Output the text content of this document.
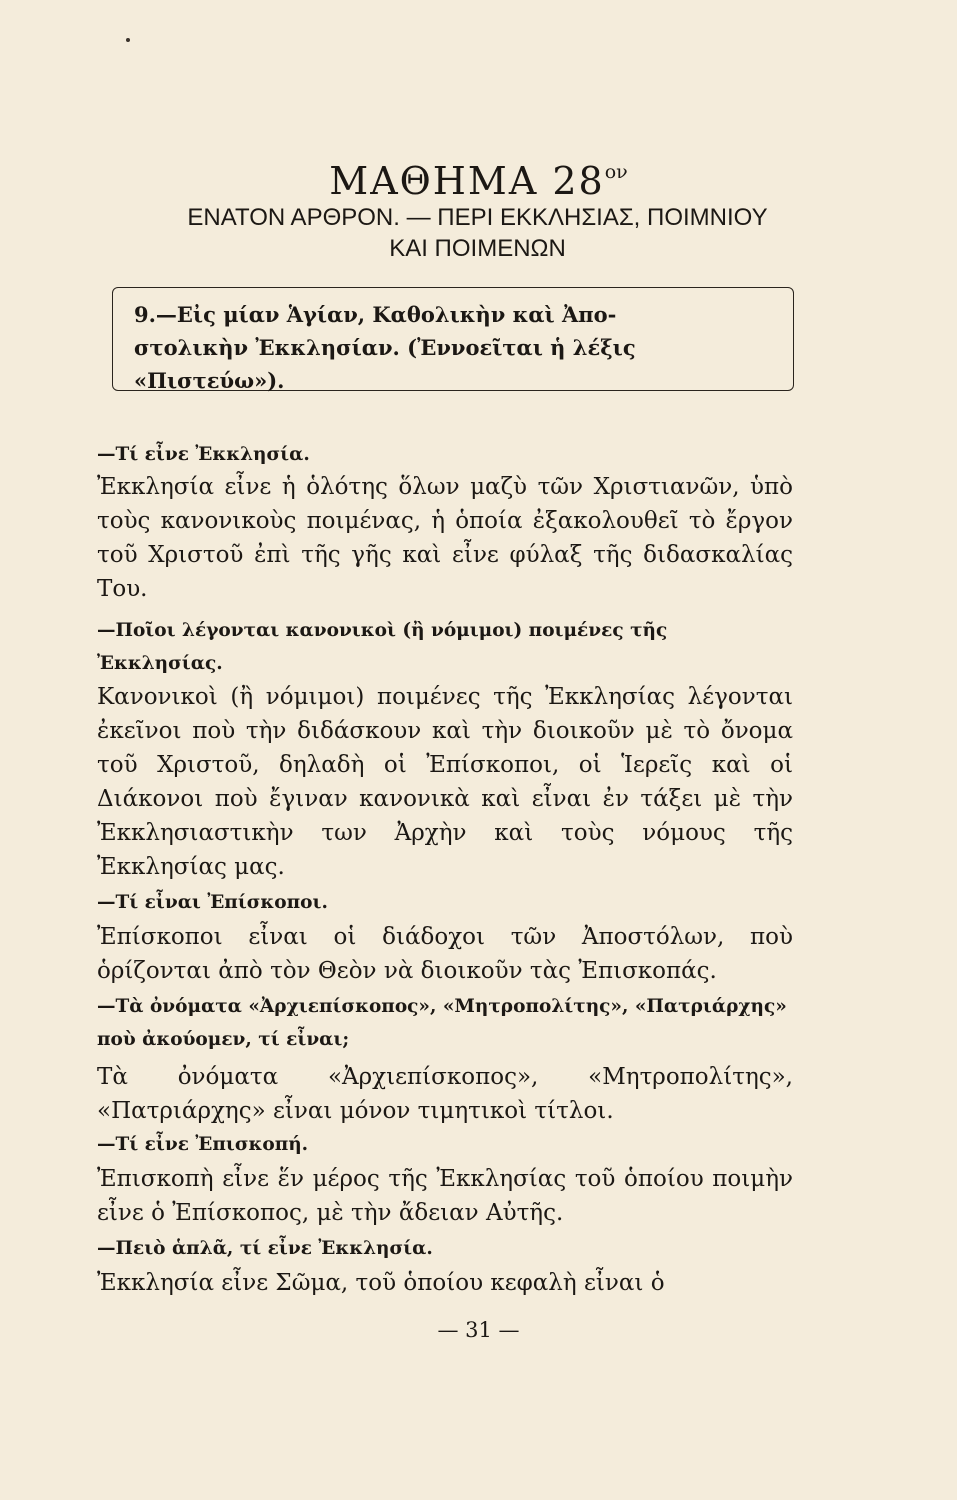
ΜΑΘΗΜΑ $28^{o\nu}$
ΕΝΑΤΟΝ ΑΡΘΡΟΝ. — ΠΕΡΙ ΕΚΚΛΗΣΙΑΣ, ΠΟΙΜΝΙΟΥ
ΚΑΙ ΠΟΙΜΕΝΩΝ
9.—Εἰς μίαν Ἁγίαν, Καθολικὴν καὶ Ἀπο-
στολικὴν Ἐκκλησίαν. (Ἐννοεῖται ἡ λέξις
«Πιστεύω»).
—Τί εἶνε Ἐκκλησία.
Ἐκκλησία εἶνε ἡ ὁλότης ὅλων μαζὺ τῶν Χριστιανῶν, ὑπὸ τοὺς κανονικοὺς ποιμένας, ἡ ὁποία ἐξακολουθεῖ τὸ ἔργον τοῦ Χριστοῦ ἐπὶ τῆς γῆς καὶ εἶνε φύλαξ τῆς διδασκαλίας Του.
—Ποῖοι λέγονται κανονικοὶ (ἢ νόμιμοι) ποιμένες τῆς Ἐκκλησίας.
Κανονικοὶ (ἢ νόμιμοι) ποιμένες τῆς Ἐκκλησίας λέγονται ἐκεῖνοι ποὺ τὴν διδάσκουν καὶ τὴν διοικοῦν μὲ τὸ ὄνομα τοῦ Χριστοῦ, δηλαδὴ οἱ Ἐπίσκοποι, οἱ Ἱερεῖς καὶ οἱ Διάκονοι ποὺ ἔγιναν κανονικὰ καὶ εἶναι ἐν τάξει μὲ τὴν Ἐκκλησιαστικὴν των Ἀρχὴν καὶ τοὺς νόμους τῆς Ἐκκλησίας μας.
—Τί εἶναι Ἐπίσκοποι.
Ἐπίσκοποι εἶναι οἱ διάδοχοι τῶν Ἀποστόλων, ποὺ ὁρίζονται ἀπὸ τὸν Θεὸν νὰ διοικοῦν τὰς Ἐπισκοπάς.
—Τὰ ὀνόματα «Ἀρχιεπίσκοπος», «Μητροπολίτης», «Πατριάρχης» ποὺ ἀκούομεν, τί εἶναι;
Τὰ ὀνόματα «Ἀρχιεπίσκοπος», «Μητροπολίτης», «Πατριάρχης» εἶναι μόνον τιμητικοὶ τίτλοι.
—Τί εἶνε Ἐπισκοπή.
Ἐπισκοπὴ εἶνε ἕν μέρος τῆς Ἐκκλησίας τοῦ ὁποίου ποιμὴν εἶνε ὁ Ἐπίσκοπος, μὲ τὴν ἄδειαν Αὐτῆς.
—Πειὸ ἁπλᾶ, τί εἶνε Ἐκκλησία.
Ἐκκλησία εἶνε Σῶμα, τοῦ ὁποίου κεφαλὴ εἶναι ὁ
— 31 —
